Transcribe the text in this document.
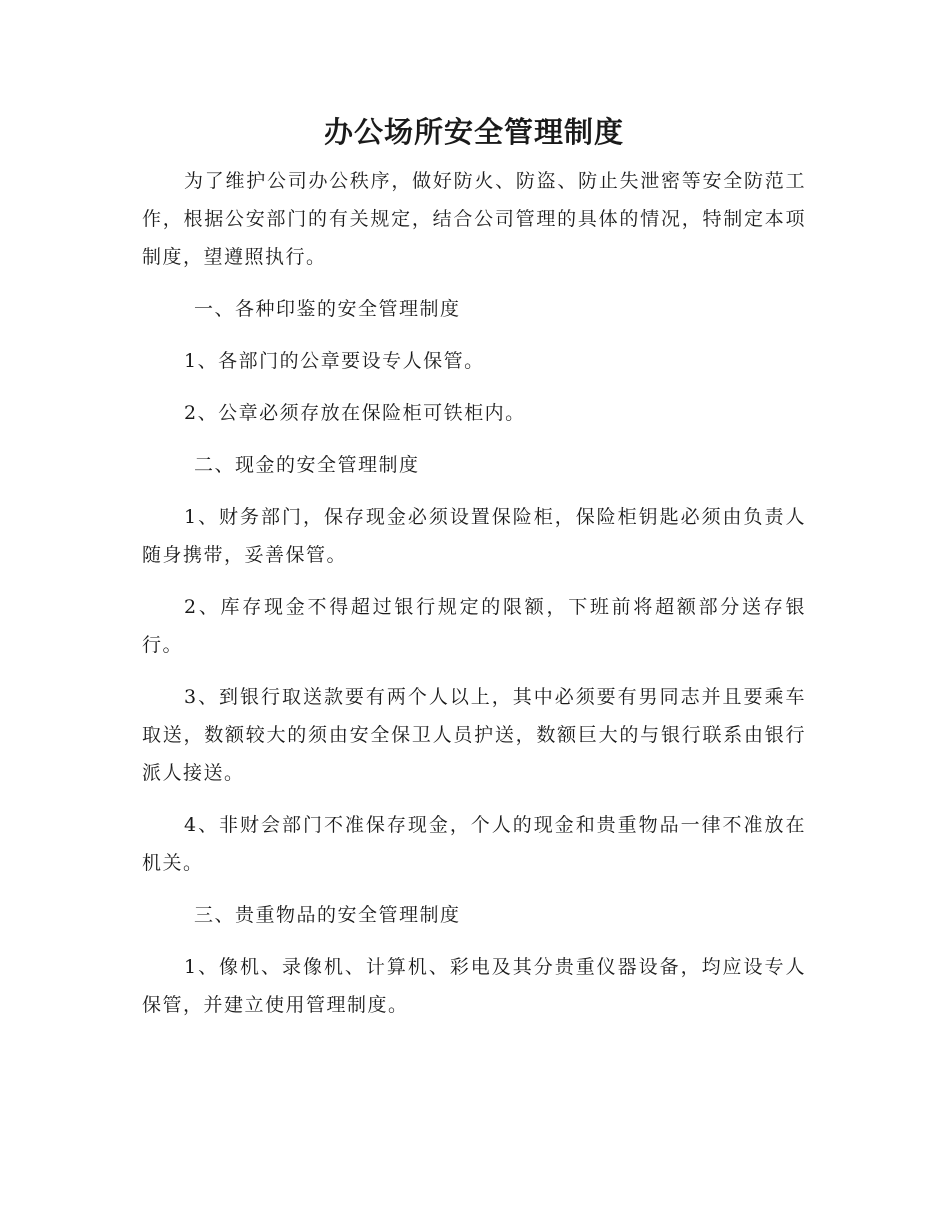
办公场所安全管理制度

为了维护公司办公秩序，做好防火、防盗、防止失泄密等安全防范工作，根据公安部门的有关规定，结合公司管理的具体的情况，特制定本项制度，望遵照执行。

一、各种印鉴的安全管理制度

1、各部门的公章要设专人保管。

2、公章必须存放在保险柜可铁柜内。

二、现金的安全管理制度

1、财务部门，保存现金必须设置保险柜，保险柜钥匙必须由负责人随身携带，妥善保管。

2、库存现金不得超过银行规定的限额，下班前将超额部分送存银行。

3、到银行取送款要有两个人以上，其中必须要有男同志并且要乘车取送，数额较大的须由安全保卫人员护送，数额巨大的与银行联系由银行派人接送。

4、非财会部门不准保存现金，个人的现金和贵重物品一律不准放在机关。

三、贵重物品的安全管理制度

1、像机、录像机、计算机、彩电及其分贵重仪器设备，均应设专人保管，并建立使用管理制度。
